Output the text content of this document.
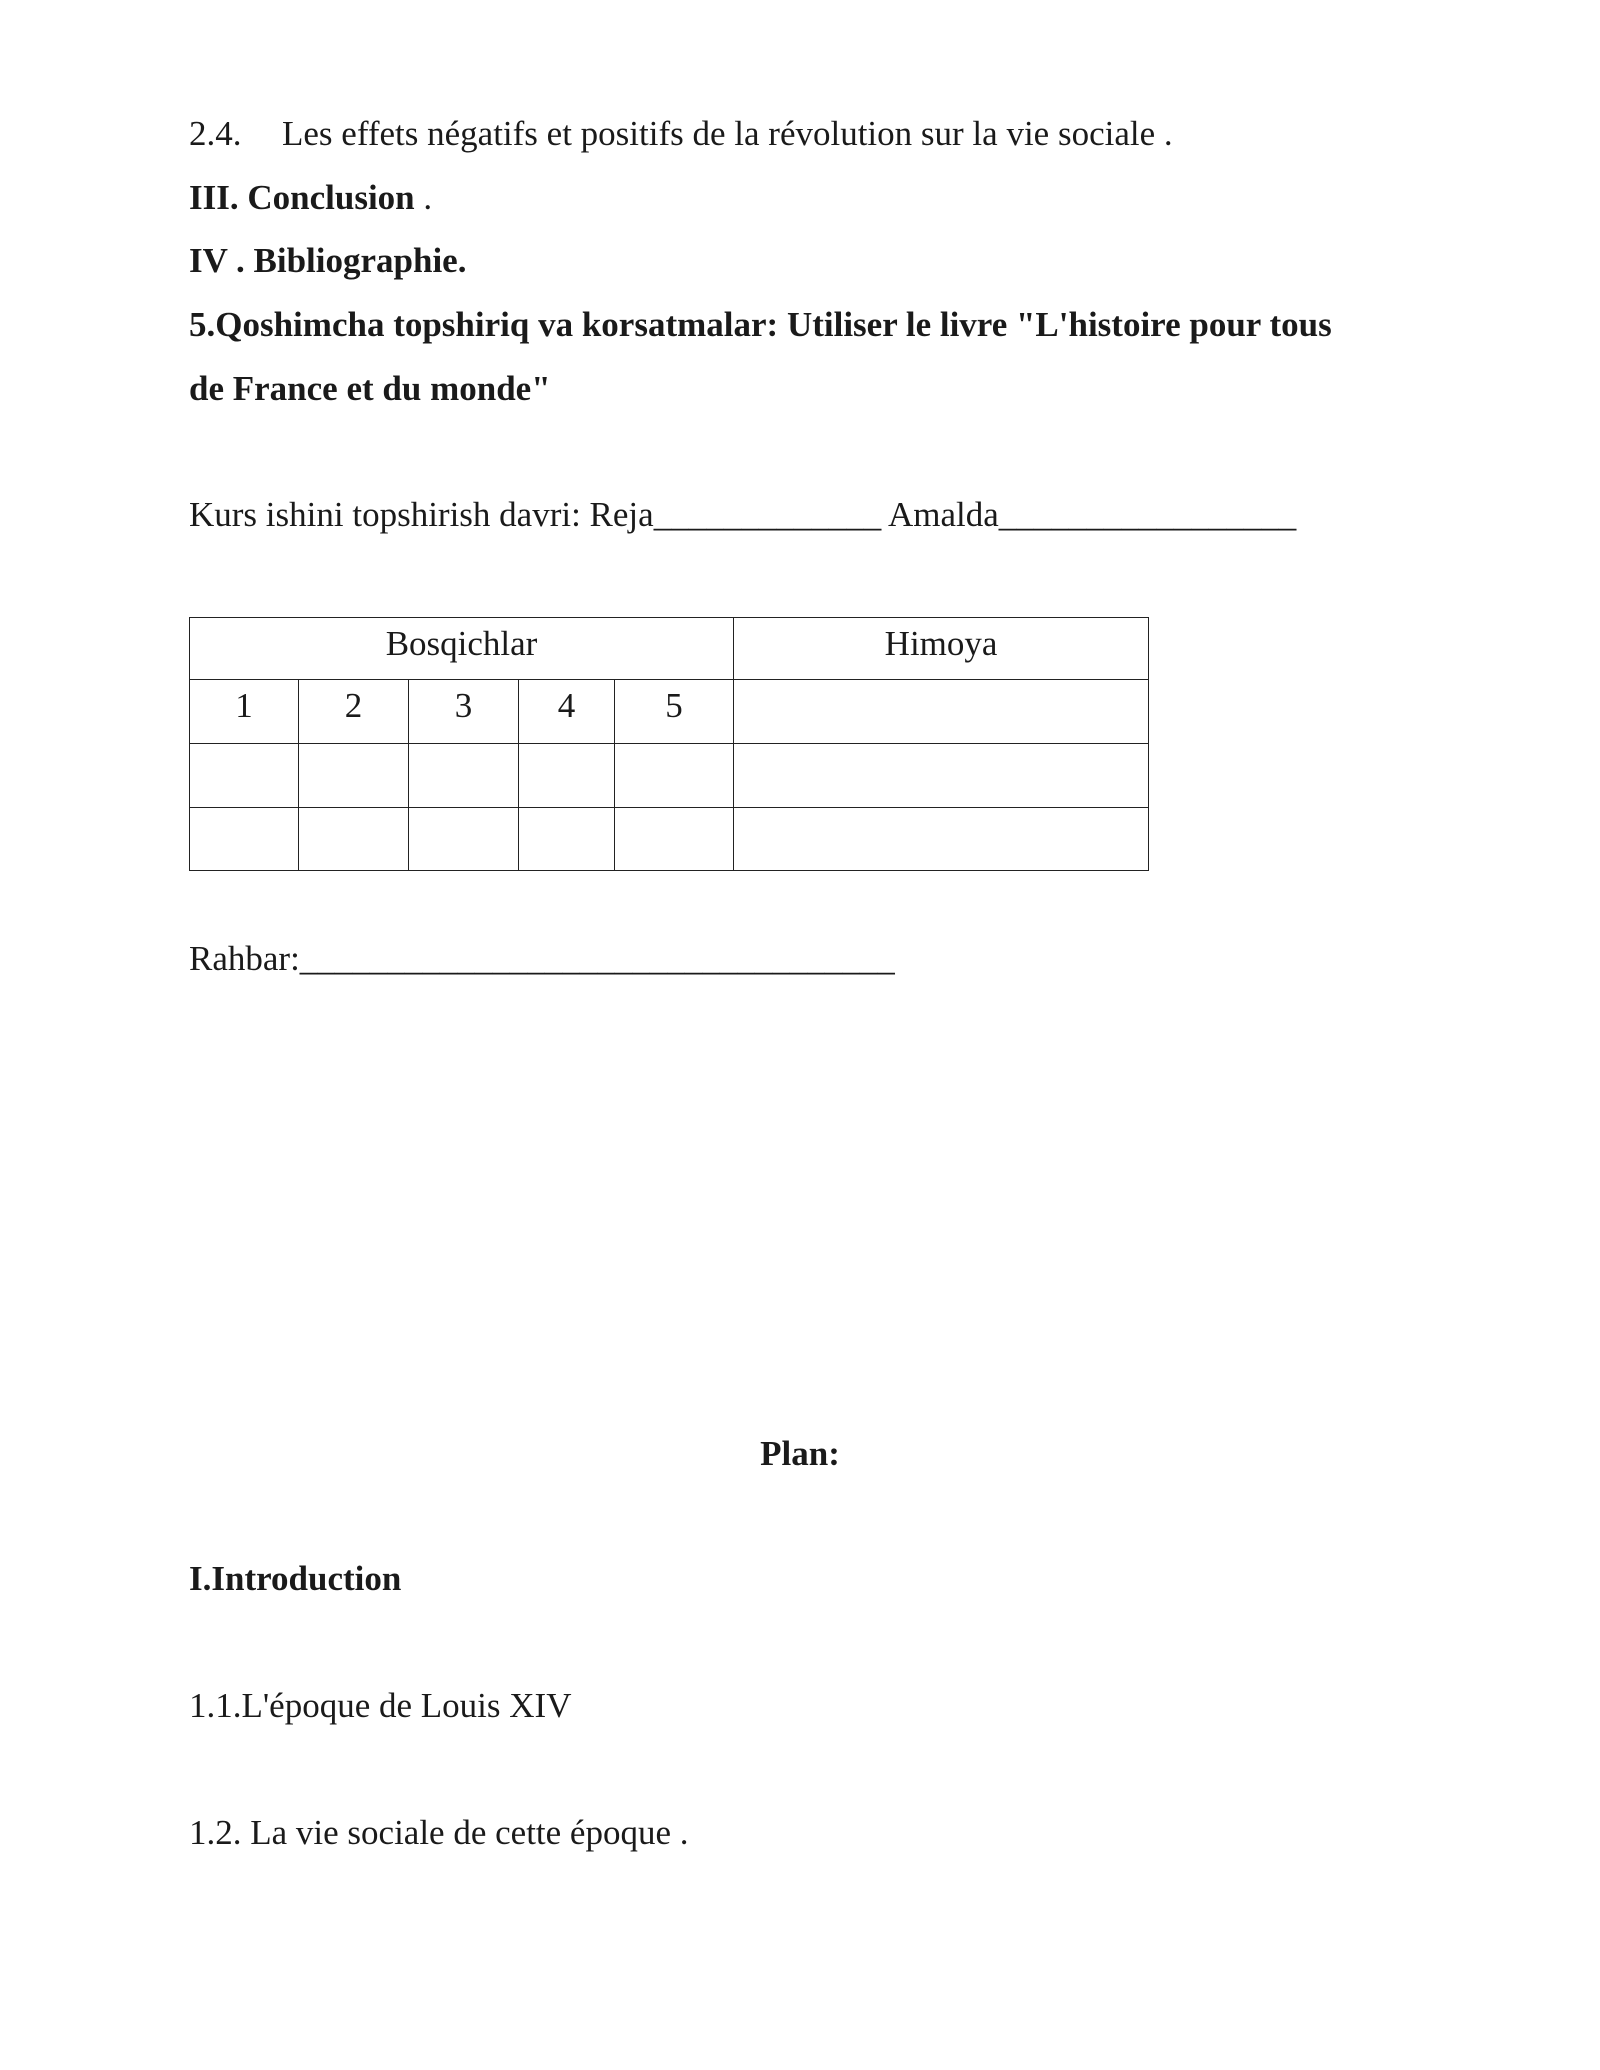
2.4. Les effets négatifs et positifs de la révolution sur la vie sociale .
III. Conclusion .
IV . Bibliographie.
5.Qoshimcha topshiriq va korsatmalar: Utiliser le livre "L'histoire pour tous
de France et du monde"
Kurs ishini topshirish davri: Reja_____________ Amalda_________________
Bosqichlar					Himoya
1	2	3	4	5	

Rahbar:__________________________________
Plan:
I.Introduction
1.1.L'époque de Louis XIV
1.2. La vie sociale de cette époque .
